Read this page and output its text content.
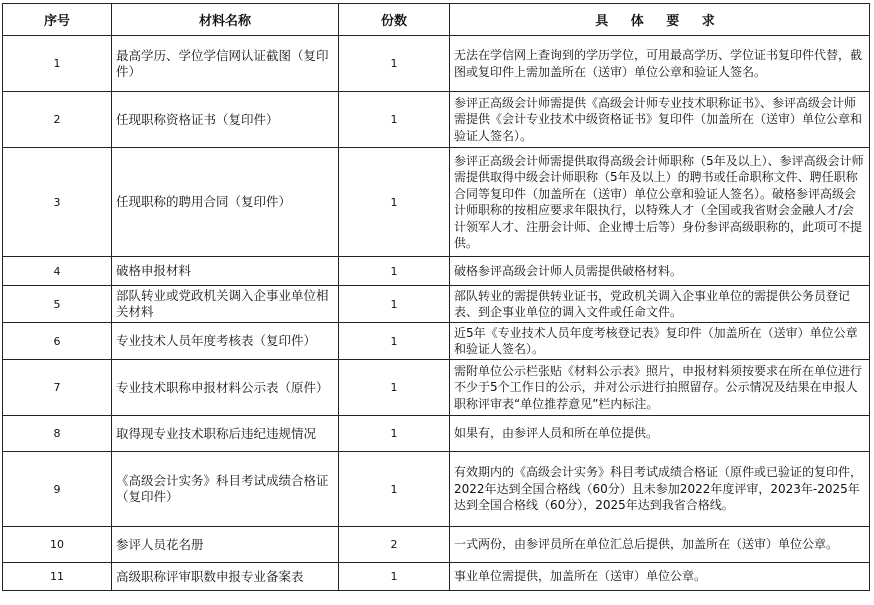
序号	材料名称	份数	具 体 要 求
1	最高学历、学位学信网认证截图（复印件）	1	无法在学信网上查询到的学历学位，可用最高学历、学位证书复印件代替，截图或复印件上需加盖所在（送审）单位公章和验证人签名。
2	任现职称资格证书（复印件）	1	参评正高级会计师需提供《高级会计师专业技术职称证书》、参评高级会计师需提供《会计专业技术中级资格证书》复印件（加盖所在（送审）单位公章和验证人签名）。
3	任现职称的聘用合同（复印件）	1	参评正高级会计师需提供取得高级会计师职称（5年及以上）、参评高级会计师需提供取得中级会计师职称（5年及以上）的聘书或任命职称文件、聘任职称合同等复印件（加盖所在（送审）单位公章和验证人签名）。破格参评高级会计师职称的按相应要求年限执行，以特殊人才（全国或我省财会金融人才/会计领军人才、注册会计师、企业博士后等）身份参评高级职称的，此项可不提供。
4	破格申报材料	1	破格参评高级会计师人员需提供破格材料。
5	部队转业或党政机关调入企事业单位相关材料	1	部队转业的需提供转业证书，党政机关调入企事业单位的需提供公务员登记表、到企事业单位的调入文件或任命文件。
6	专业技术人员年度考核表（复印件）	1	近5年《专业技术人员年度考核登记表》复印件（加盖所在（送审）单位公章和验证人签名）。
7	专业技术职称申报材料公示表（原件）	1	需附单位公示栏张贴《材料公示表》照片，申报材料须按要求在所在单位进行不少于5个工作日的公示，并对公示进行拍照留存。公示情况及结果在申报人职称评审表“单位推荐意见”栏内标注。
8	取得现专业技术职称后违纪违规情况	1	如果有，由参评人员和所在单位提供。
9	《高级会计实务》科目考试成绩合格证（复印件）	1	有效期内的《高级会计实务》科目考试成绩合格证（原件或已验证的复印件，2022年达到全国合格线（60分）且未参加2022年度评审，2023年-2025年达到全国合格线（60分），2025年达到我省合格线。
10	参评人员花名册	2	一式两份，由参评员所在单位汇总后提供，加盖所在（送审）单位公章。
11	高级职称评审职数申报专业备案表	1	事业单位需提供，加盖所在（送审）单位公章。
